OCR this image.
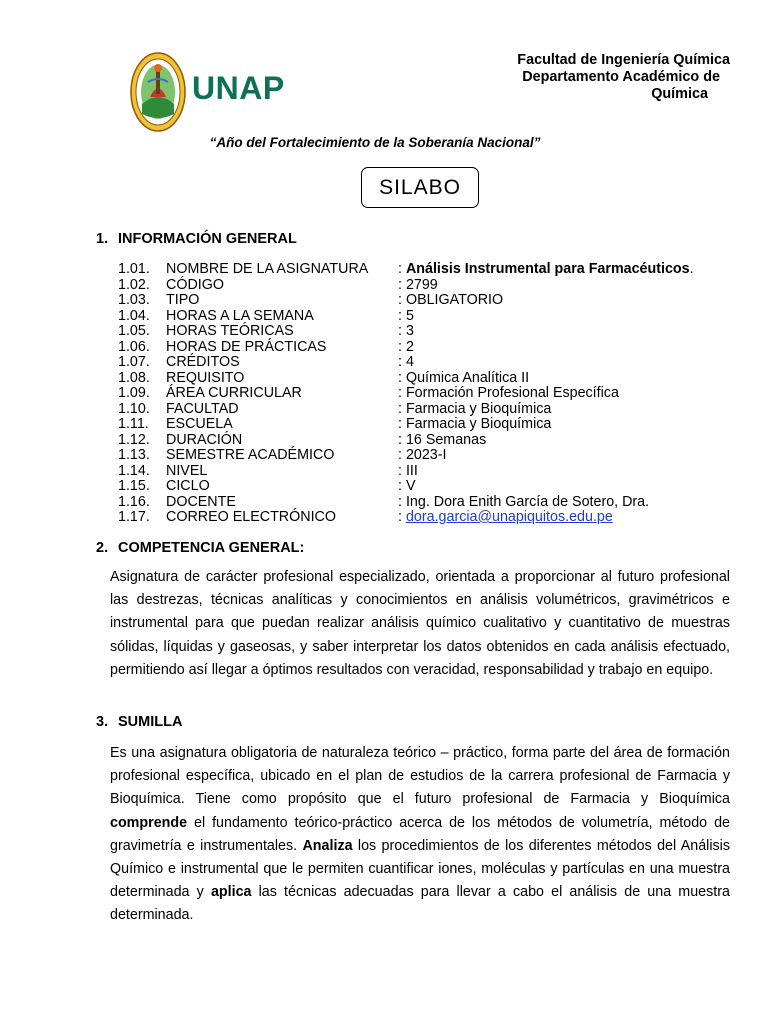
UNAP
Facultad de Ingeniería Química
Departamento Académico de
Química
“Año del Fortalecimiento de la Soberanía Nacional”
SILABO
1. INFORMACIÓN GENERAL
1.01. NOMBRE DE LA ASIGNATURA : Análisis Instrumental para Farmacéuticos.
1.02. CÓDIGO	: 2799
1.03. TIPO	: OBLIGATORIO
1.04. HORAS A LA SEMANA	: 5
1.05. HORAS TEÓRICAS	: 3
1.06. HORAS DE PRÁCTICAS	: 2
1.07. CRÉDITOS	: 4
1.08. REQUISITO	: Química Analítica II
1.09. ÁREA CURRICULAR	: Formación Profesional Específica
1.10. FACULTAD	: Farmacia y Bioquímica
1.11. ESCUELA	: Farmacia y Bioquímica
1.12. DURACIÓN	: 16 Semanas
1.13. SEMESTRE ACADÉMICO	: 2023-I
1.14. NIVEL	: III
1.15. CICLO	: V
1.16. DOCENTE	: Ing. Dora Enith García de Sotero, Dra.
1.17. CORREO ELECTRÓNICO	: dora.garcia@unapiquitos.edu.pe
2. COMPETENCIA GENERAL:
Asignatura de carácter profesional especializado, orientada a proporcionar al futuro profesional las destrezas, técnicas analíticas y conocimientos en análisis volumétricos, gravimétricos e instrumental para que puedan realizar análisis químico cualitativo y cuantitativo de muestras sólidas, líquidas y gaseosas, y saber interpretar los datos obtenidos en cada análisis efectuado, permitiendo así llegar a óptimos resultados con veracidad, responsabilidad y trabajo en equipo.
3. SUMILLA
Es una asignatura obligatoria de naturaleza teórico – práctico, forma parte del área de formación profesional específica, ubicado en el plan de estudios de la carrera profesional de Farmacia y Bioquímica. Tiene como propósito que el futuro profesional de Farmacia y Bioquímica comprende el fundamento teórico-práctico acerca de los métodos de volumetría, método de gravimetría e instrumentales. Analiza los procedimientos de los diferentes métodos del Análisis Químico e instrumental que le permiten cuantificar iones, moléculas y partículas en una muestra determinada y aplica las técnicas adecuadas para llevar a cabo el análisis de una muestra determinada.
